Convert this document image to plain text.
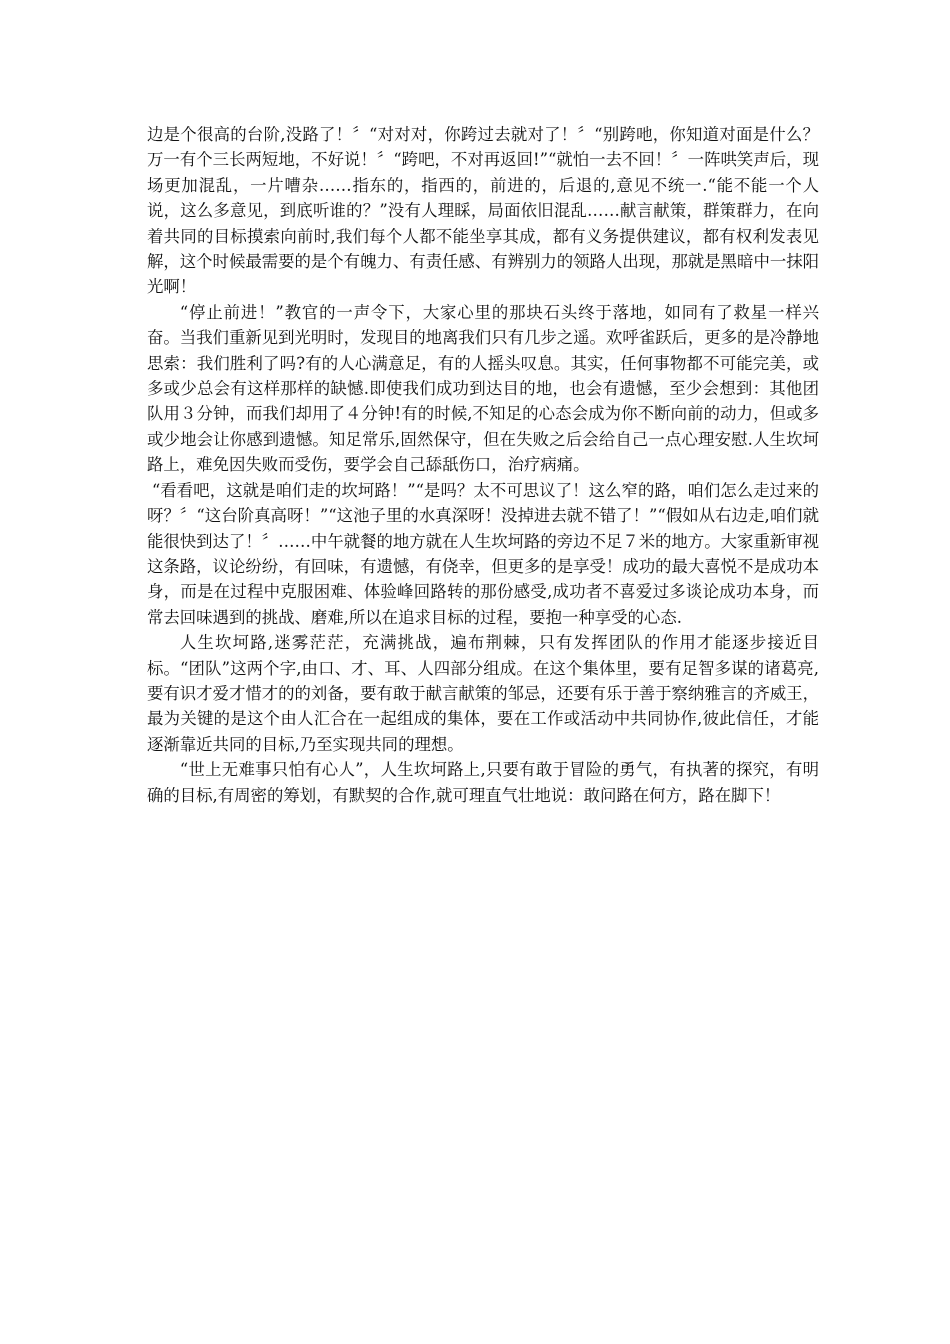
边是个很高的台阶,没路了！〞“对对对，你跨过去就对了！〞“别跨吔，你知道对面是什么？万一有个三长两短地，不好说！〞“跨吧，不对再返回!”“就怕一去不回！〞一阵哄笑声后，现场更加混乱，一片嘈杂……指东的，指西的，前进的，后退的,意见不统一.“能不能一个人说，这么多意见，到底听谁的？”没有人理睬，局面依旧混乱……献言献策，群策群力，在向着共同的目标摸索向前时,我们每个人都不能坐享其成，都有义务提供建议，都有权利发表见解，这个时候最需要的是个有魄力、有责任感、有辨别力的领路人出现，那就是黑暗中一抹阳光啊！

“停止前进！”教官的一声令下，大家心里的那块石头终于落地，如同有了救星一样兴奋。当我们重新见到光明时，发现目的地离我们只有几步之遥。欢呼雀跃后，更多的是冷静地思索：我们胜利了吗?有的人心满意足，有的人摇头叹息。其实，任何事物都不可能完美，或多或少总会有这样那样的缺憾.即使我们成功到达目的地，也会有遗憾，至少会想到：其他团队用３分钟，而我们却用了４分钟!有的时候,不知足的心态会成为你不断向前的动力，但或多或少地会让你感到遗憾。知足常乐,固然保守，但在失败之后会给自己一点心理安慰.人生坎坷路上，难免因失败而受伤，要学会自己舔舐伤口，治疗病痛。

“看看吧，这就是咱们走的坎坷路！”“是吗？太不可思议了！这么窄的路，咱们怎么走过来的呀？〞“这台阶真高呀！”“这池子里的水真深呀！没掉进去就不错了！”“假如从右边走,咱们就能很快到达了！〞……中午就餐的地方就在人生坎坷路的旁边不足７米的地方。大家重新审视这条路，议论纷纷，有回味，有遗憾，有侥幸，但更多的是享受！成功的最大喜悦不是成功本身，而是在过程中克服困难、体验峰回路转的那份感受,成功者不喜爱过多谈论成功本身，而常去回味遇到的挑战、磨难,所以在追求目标的过程，要抱一种享受的心态.

人生坎坷路,迷雾茫茫，充满挑战，遍布荆棘，只有发挥团队的作用才能逐步接近目标。“团队”这两个字,由口、才、耳、人四部分组成。在这个集体里，要有足智多谋的诸葛亮,要有识才爱才惜才的的刘备，要有敢于献言献策的邹忌，还要有乐于善于察纳雅言的齐威王，最为关键的是这个由人汇合在一起组成的集体，要在工作或活动中共同协作,彼此信任，才能逐渐靠近共同的目标,乃至实现共同的理想。

“世上无难事只怕有心人”，人生坎坷路上,只要有敢于冒险的勇气，有执著的探究，有明确的目标,有周密的筹划，有默契的合作,就可理直气壮地说：敢问路在何方，路在脚下！
